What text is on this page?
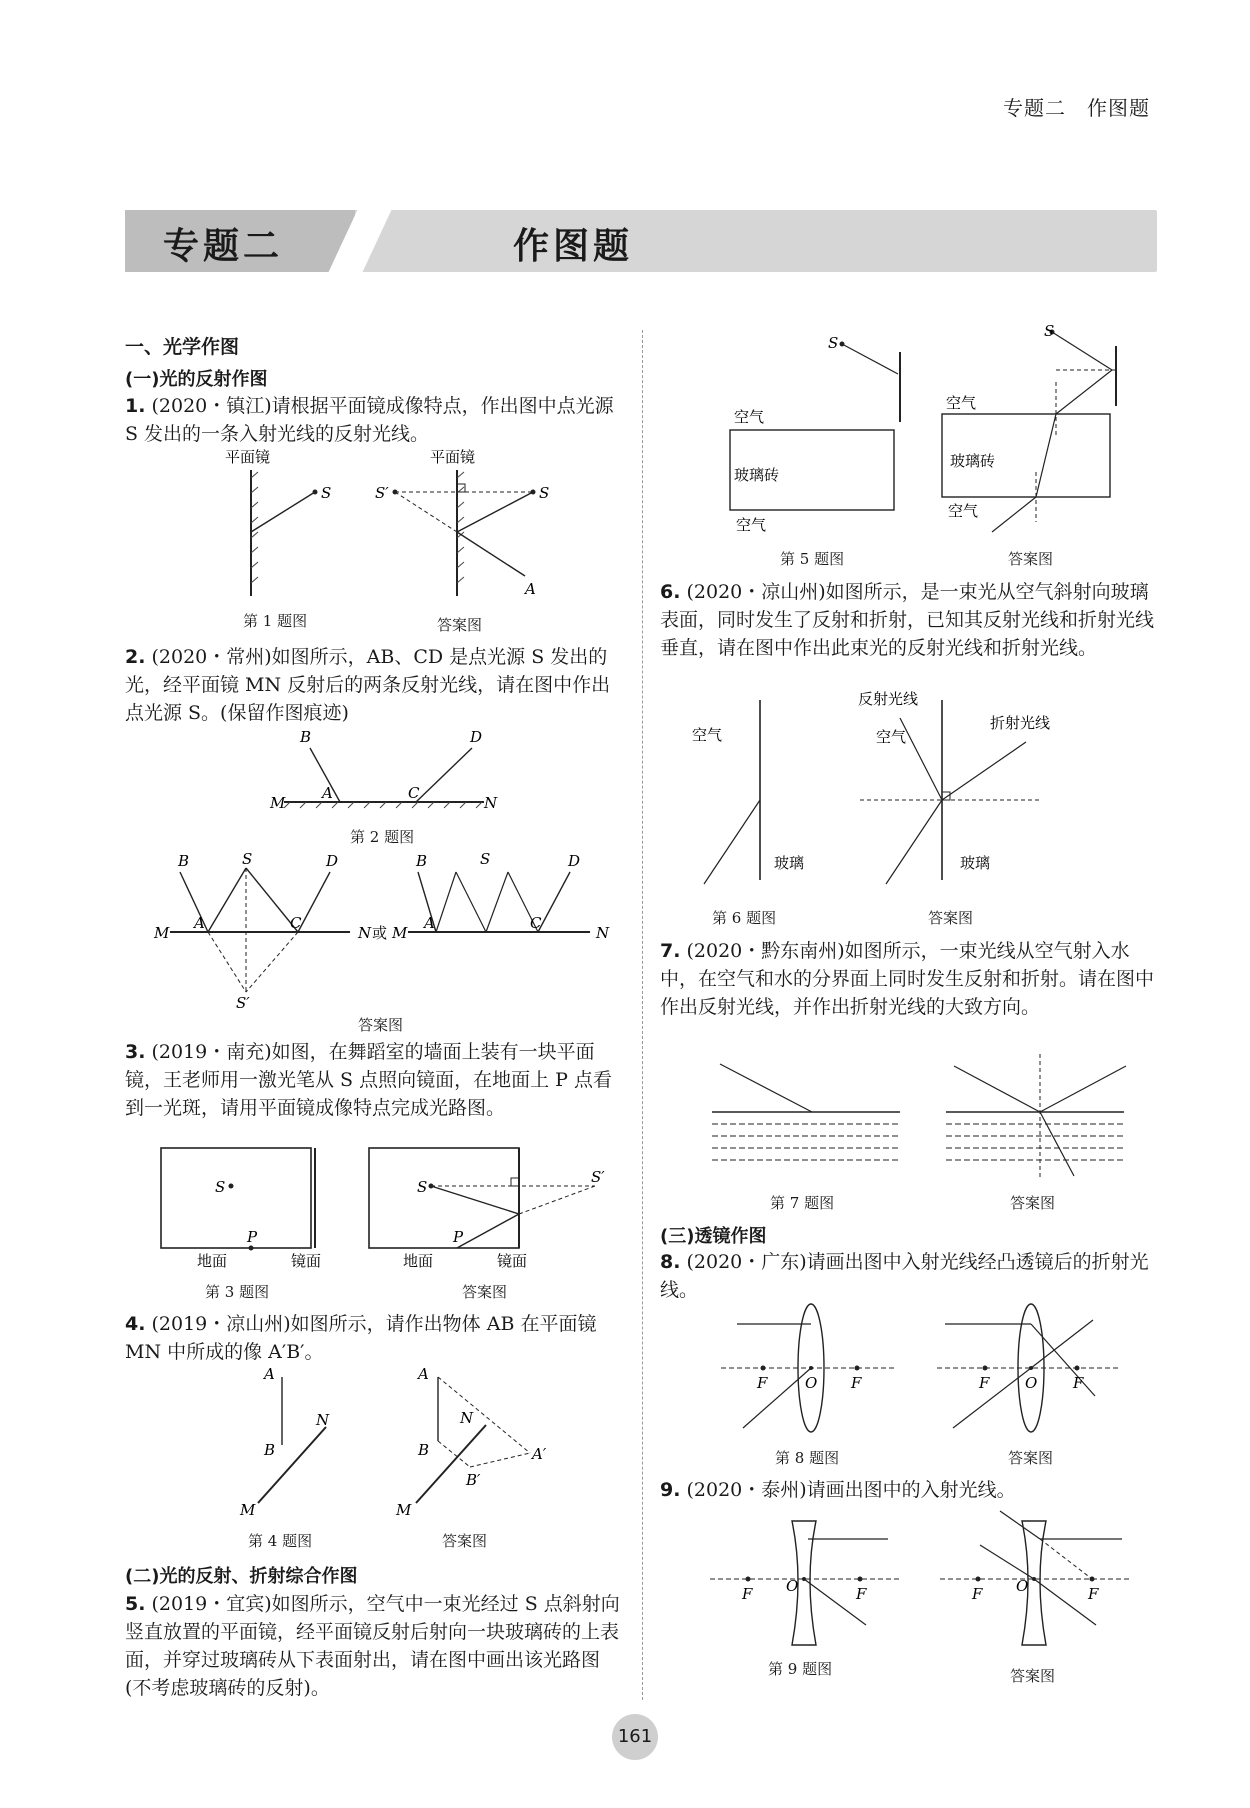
专题二　作图题
专题二	作图题
一、光学作图
(一)光的反射作图
1. (2020・镇江)请根据平面镜成像特点，作出图中点光源 S 发出的一条入射光线的反射光线。
平面镜
S
平面镜
S′	S
A
第 1 题图	答案图
2. (2020・常州)如图所示，AB、CD 是点光源 S 发出的光，经平面镜 MN 反射后的两条反射光线，请在图中作出点光源 S。(保留作图痕迹)
B	D
A	C
M	N
第 2 题图
B	S	D
A	C
M	N 或
S′
B	S	D
A	C
M	N
答案图
3. (2019・南充)如图，在舞蹈室的墙面上装有一块平面镜，王老师用一激光笔从 S 点照向镜面，在地面上 P 点看到一光斑，请用平面镜成像特点完成光路图。
S
P
地面	镜面
S
S′
P
地面	镜面
第 3 题图	答案图
4. (2019・凉山州)如图所示，请作出物体 AB 在平面镜 MN 中所成的像 A′B′。
A
B
N
M
A
B
N
M
A′
B′
第 4 题图	答案图
(二)光的反射、折射综合作图
5. (2019・宜宾)如图所示，空气中一束光经过 S 点斜射向竖直放置的平面镜，经平面镜反射后射向一块玻璃砖的上表面，并穿过玻璃砖从下表面射出，请在图中画出该光路图(不考虑玻璃砖的反射)。
S
空气
玻璃砖
空气
S
空气
玻璃砖
空气
第 5 题图	答案图
6. (2020・凉山州)如图所示，是一束光从空气斜射向玻璃表面，同时发生了反射和折射，已知其反射光线和折射光线垂直，请在图中作出此束光的反射光线和折射光线。
空气
玻璃
反射光线
折射光线
空气
玻璃
第 6 题图	答案图
7. (2020・黔东南州)如图所示，一束光线从空气射入水中，在空气和水的分界面上同时发生反射和折射。请在图中作出反射光线，并作出折射光线的大致方向。
第 7 题图	答案图
(三)透镜作图
8. (2020・广东)请画出图中入射光线经凸透镜后的折射光线。
F	O F	F O F
第 8 题图	答案图
9. (2020・泰州)请画出图中的入射光线。
F O	F	F O	F
第 9 题图	答案图
161
